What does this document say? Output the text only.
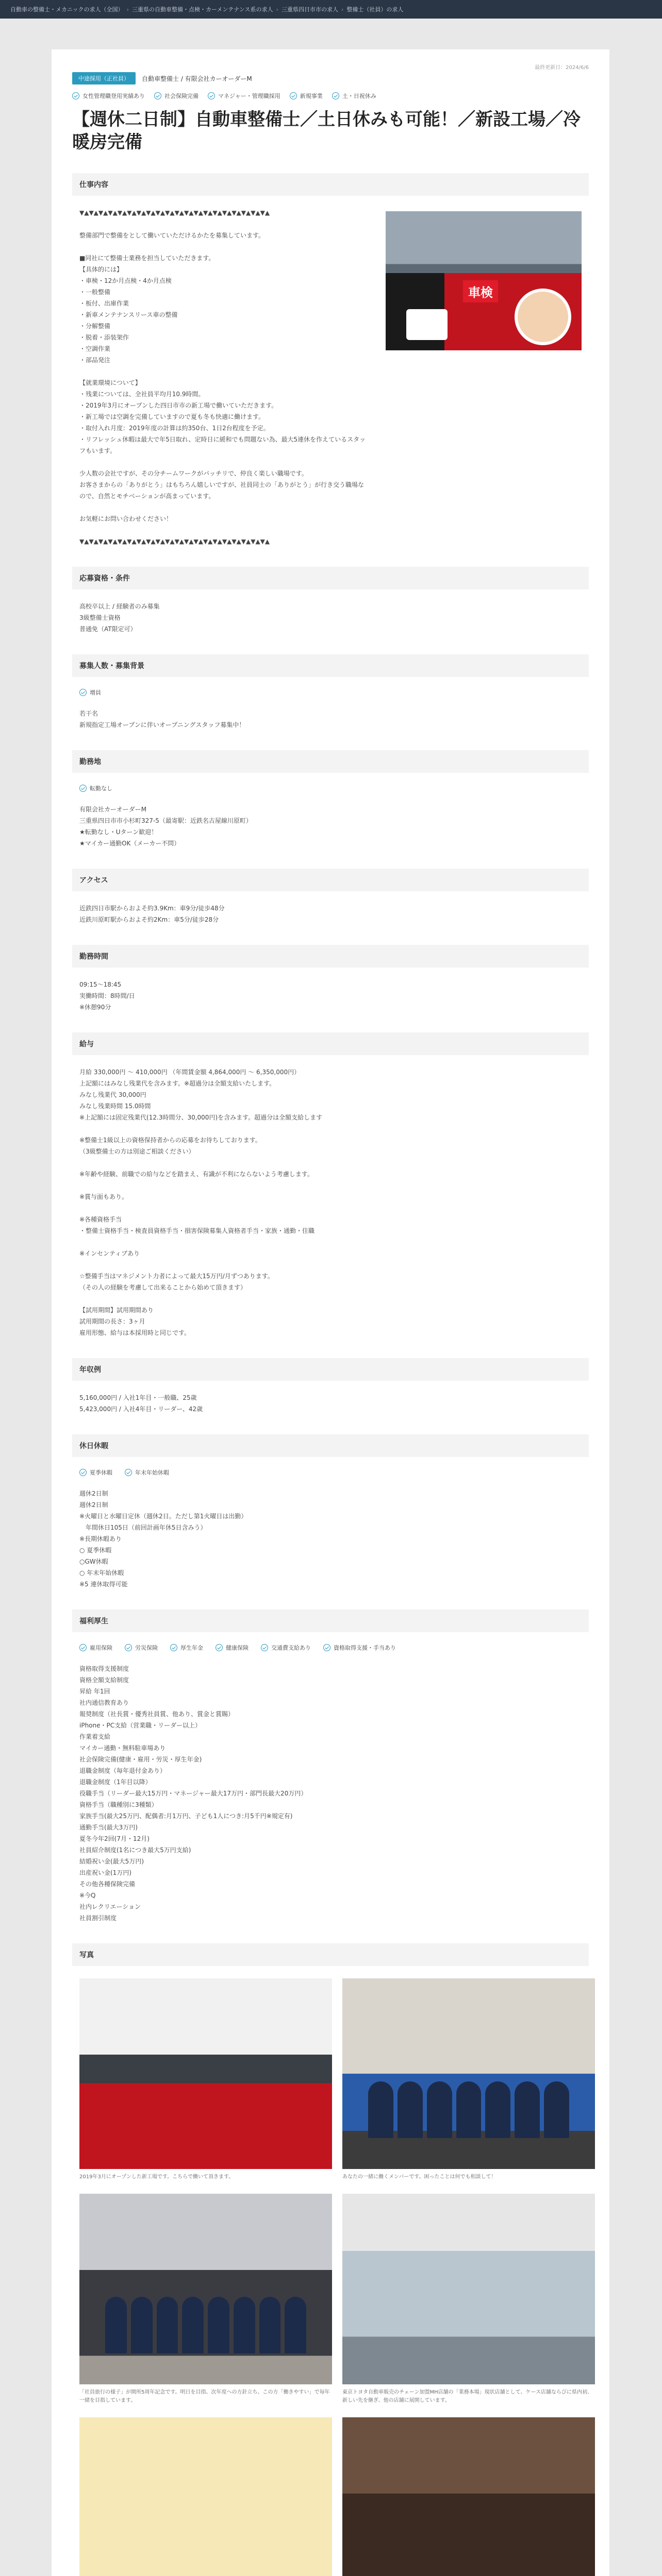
自動車の整備士・メカニックの求人（全国） › 三重県の自動車整備・点検・カーメンテナンス系の求人 › 三重県四日市市の求人 › 整備士（社員）の求人
最終更新日：2024/6/6
中途採用（正社員）	自動車整備士 / 有限会社カーオーダーM
女性管理職登用実績あり	社会保険完備	マネジャー・管理職採用	新規事業	土・日祝休み
【週休二日制】自動車整備士／土日休みも可能！／新設工場／冷暖房完備
仕事内容
▼▲▼▲▼▲▼▲▼▲▼▲▼▲▼▲▼▲▼▲▼▲▼▲▼▲▼▲▼▲▼▲▼▲▼▲▼▲▼▲

整備部門で整備をとして働いていただけるかたを募集しています。

■同社にて整備士業務を担当していただきます。
【具体的には】
・車検・12か月点検・4か月点検
・一般整備
・板付、出庫作業
・新車メンテナンスリース車の整備
・分解整備
・脱着・添装架作
・空調作業
・部品発注

【就業環境について】
・残業については、全社員平均月10.9時間。
・2019年3月にオープンした四日市市の新工場で働いていただきます。
・新工場では空調を完備していますので夏も冬も快適に働けます。
・取付入れ月度：2019年度の計算は約350台、1日2台程度を予定。
・リフレッシュ休暇は最大で年5日取れ、定時日に緩和でも問題ない為、最大5連休を作えているスタッフもいます。

少人数の会社ですが、その分チームワークがバッチリで、仲良く楽しい職場です。
お客さまからの「ありがとう」はもちろん嬉しいですが、社員同士の「ありがとう」が行き交う職場なので、自然とモチベーションが高まっています。

お気軽にお問い合わせください！

▼▲▼▲▼▲▼▲▼▲▼▲▼▲▼▲▼▲▼▲▼▲▼▲▼▲▼▲▼▲▼▲▼▲▼▲▼▲▼▲
車検
応募資格・条件
高校卒以上 / 経験者のみ募集
3級整備士資格
普通免（AT限定可）
募集人数・募集背景
増員
若干名
新規指定工場オープンに伴いオープニングスタッフ募集中！
勤務地
転勤なし
有限会社カーオーダーM
三重県四日市市小杉町327-5（最寄駅：近鉄名古屋線川原町）
★転勤なし・Uターン歓迎！
★マイカー通勤OK（メーカー不問）
アクセス
近鉄四日市駅からおよそ約3.9Km：車9分/徒歩48分
近鉄川原町駅からおよそ約2Km：車5分/徒歩28分
勤務時間
09:15〜18:45
実働時間：8時間/日
※休憩90分
給与
月給 330,000円 〜 410,000円 （年間賃金額 4,864,000円 〜 6,350,000円）
上記額にはみなし残業代を含みます。※超過分は全額支給いたします。
みなし残業代 30,000円
みなし残業時間 15.0時間
※上記額には固定残業代(12.3時間分、30,000円)を含みます。超過分は全額支給します

※整備士1級以上の資格保持者からの応募をお待ちしております。
（3級整備士の方は別途ご相談ください）

※年齢や経験、前職での給与などを踏まえ、有識が不利にならないよう考慮します。

※賞与面もあり。

※各種資格手当
・整備士資格手当・検査員資格手当・損害保険募集人資格者手当・家族・通勤・住職

※インセンティブあり

☆整備手当はマネジメント力者によって最大15万円/月ずつあります。
（その人の経験を考慮して出来ることから始めて頂きます）

【試用期間】試用期間あり
試用期間の長さ：3ヶ月
雇用形態、給与は本採用時と同じです。
年収例
5,160,000円 / 入社1年目・一般職、25歳
5,423,000円 / 入社4年目・リーダー、42歳
休日休暇
夏季休暇	年末年始休暇
週休2日制
週休2日制
※火曜日と水曜日定休（週休2日。ただし第1火曜日は出勤）
　年間休日105日（前回計画年休5日含みう）
※長期休暇あり
○ 夏季休暇
○GW休暇
○ 年末年始休暇
※5 連休取得可能
福利厚生
雇用保険	労災保険	厚生年金	健康保険	交通費支給あり	資格取得支援・手当あり
資格取得支援制度
資格全額支給制度
昇給 年1回
社内通信教育あり
報奨制度（社長賞・優秀社員賞、他あり、賞金と賞賜）
iPhone・PC支給（営業職・リーダー以上）
作業着支給
マイカー通勤・無料駐車場あり
社会保険完備(健康・雇用・労災・厚生年金)
退職金制度（毎年退付金あり）
退職金制度（1年目以降）
役職手当（リーダー最大15万円・マネージャー最大17万円・部門長最大20万円）
資格手当（職種別に3種類）
家族手当(最大25万円、配偶者:月1万円、子ども1人につき:月5千円※規定有)
通勤手当(最大3万円)
夏冬今年2回(7月・12月)
社員紹介制度(1名につき最大5万円支給)
結婚祝い金(最大5万円)
出産祝い金(1万円)
その他各種保険完備
※今Q
社内レクリエーション
社員割引制度
写真
2019年3月にオープンした新工場です。こちらで働いて頂きます。	あなたの一緒に働くメンバーです。困ったことは何でも相談して！
「社員旅行の様子」が開所5周年記念です。明日を目指、次年度への方針立ち、この方「働きやすい」で毎年一緒を目指しています。
東京トヨタ自動車販売のチェーン加盟MH店舗の「業務本場」現状店舗として、ケース店舗ならびに県内初、新しい先を継ぎ、他の店舗に展開しています。
